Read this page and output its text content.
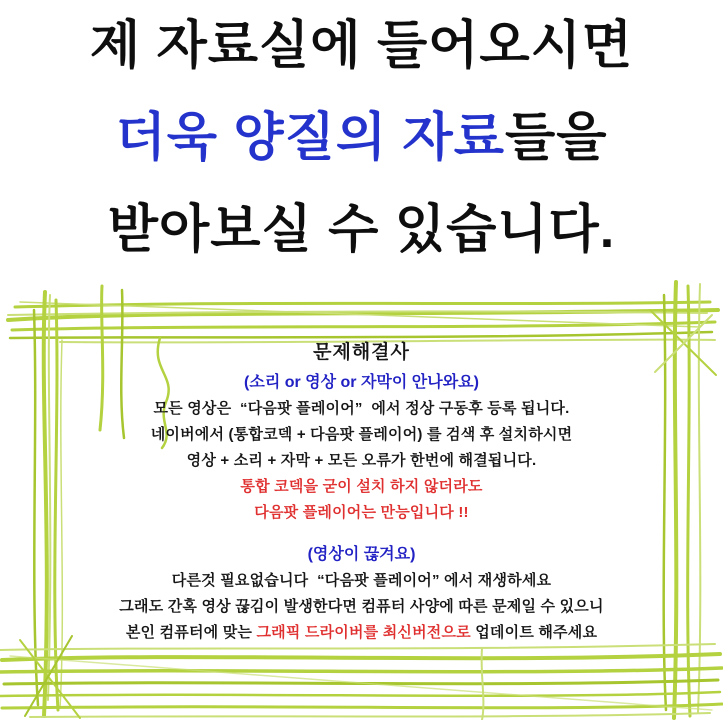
제 자료실에 들어오시면
더욱 양질의 자료들을
받아보실 수 있습니다.
문제해결사
(소리 or 영상 or 자막이 안나와요)
모든 영상은  “다음팟 플레이어”  에서 정상 구동후 등록 됩니다.
네이버에서 (통합코덱 + 다음팟 플레이어) 를 검색 후 설치하시면
영상 + 소리 + 자막 + 모든 오류가 한번에 해결됩니다.
통합 코덱을 굳이 설치 하지 않더라도
다음팟 플레이어는 만능입니다 !!
(영상이 끊겨요)
다른것 필요없습니다  “다음팟 플레이어” 에서 재생하세요
그래도 간혹 영상 끊김이 발생한다면 컴퓨터 사양에 따른 문제일 수 있으니
본인 컴퓨터에 맞는 그래픽 드라이버를 최신버전으로 업데이트 해주세요
